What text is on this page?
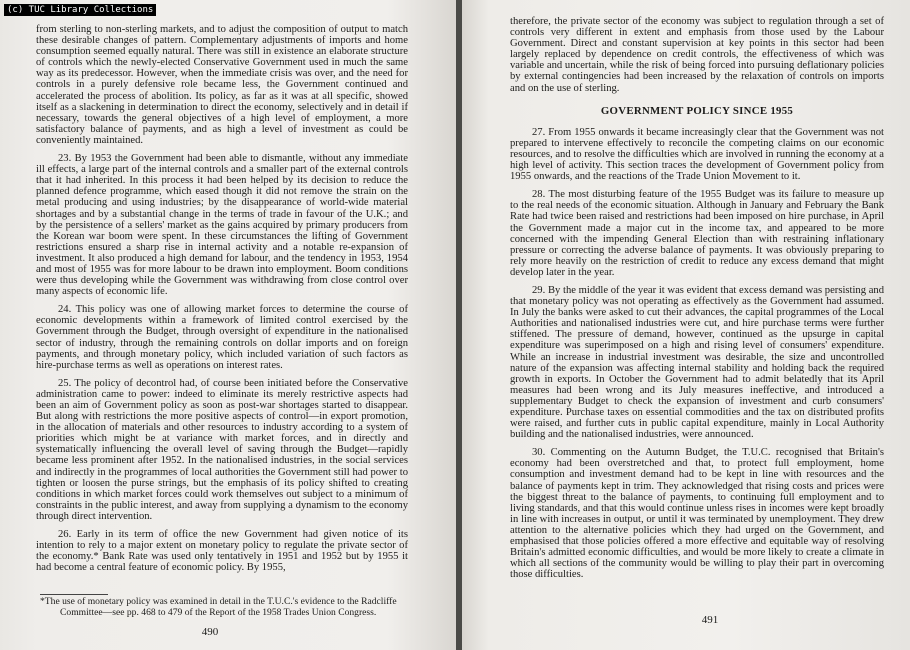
(c) TUC Library Collections

from sterling to non-sterling markets, and to adjust the composition of output to match these desirable changes of pattern. Complementary adjustments of imports and home consumption seemed equally natural. There was still in existence an elaborate structure of controls which the newly-elected Conservative Government used in much the same way as its predecessor. However, when the immediate crisis was over, and the need for controls in a purely defensive role became less, the Government continued and accelerated the process of abolition. Its policy, as far as it was at all specific, showed itself as a slackening in determination to direct the economy, selectively and in detail if necessary, towards the general objectives of a high level of employment, a more satisfactory balance of payments, and as high a level of investment as could be conveniently maintained.

23. By 1953 the Government had been able to dismantle, without any immediate ill effects, a large part of the internal controls and a smaller part of the external controls that it had inherited. In this process it had been helped by its decision to reduce the planned defence programme, which eased though it did not remove the strain on the metal producing and using industries; by the disappearance of world-wide material shortages and by a substantial change in the terms of trade in favour of the U.K.; and by the persistence of a sellers' market as the gains acquired by primary producers from the Korean war boom were spent. In these circumstances the lifting of Government restrictions ensured a sharp rise in internal activity and a notable re-expansion of investment. It also produced a high demand for labour, and the tendency in 1953, 1954 and most of 1955 was for more labour to be drawn into employment. Boom conditions were thus developing while the Government was withdrawing from close control over many aspects of economic life.

24. This policy was one of allowing market forces to determine the course of economic developments within a framework of limited control exercised by the Government through the Budget, through oversight of expenditure in the nationalised sector of industry, through the remaining controls on dollar imports and on foreign payments, and through monetary policy, which included variation of such factors as hire-purchase terms as well as operations on interest rates.

25. The policy of decontrol had, of course been initiated before the Conservative administration came to power: indeed to eliminate its merely restrictive aspects had been an aim of Government policy as soon as post-war shortages started to disappear. But along with restrictions the more positive aspects of control—in export promotion, in the allocation of materials and other resources to industry according to a system of priorities which might be at variance with market forces, and in directly and systematically influencing the overall level of saving through the Budget—rapidly became less prominent after 1952. In the nationalised industries, in the social services and indirectly in the programmes of local authorities the Government still had power to tighten or loosen the purse strings, but the emphasis of its policy shifted to creating conditions in which market forces could work themselves out subject to a minimum of constraints in the public interest, and away from supplying a dynamism to the economy through direct intervention.

26. Early in its term of office the new Government had given notice of its intention to rely to a major extent on monetary policy to regulate the private sector of the economy.* Bank Rate was used only tentatively in 1951 and 1952 but by 1955 it had become a central feature of economic policy. By 1955,

*The use of monetary policy was examined in detail in the T.U.C.'s evidence to the Radcliffe
Committee—see pp. 468 to 479 of the Report of the 1958 Trades Union Congress.
490

therefore, the private sector of the economy was subject to regulation through a set of controls very different in extent and emphasis from those used by the Labour Government. Direct and constant supervision at key points in this sector had been largely replaced by dependence on credit controls, the effectiveness of which was variable and uncertain, while the risk of being forced into pursuing deflationary policies by external contingencies had been increased by the relaxation of controls on imports and on the use of sterling.

GOVERNMENT POLICY SINCE 1955

27. From 1955 onwards it became increasingly clear that the Government was not prepared to intervene effectively to reconcile the competing claims on our economic resources, and to resolve the difficulties which are involved in running the economy at a high level of activity. This section traces the development of Government policy from 1955 onwards, and the reactions of the Trade Union Movement to it.

28. The most disturbing feature of the 1955 Budget was its failure to measure up to the real needs of the economic situation. Although in January and February the Bank Rate had twice been raised and restrictions had been imposed on hire purchase, in April the Government made a major cut in the income tax, and appeared to be more concerned with the impending General Election than with restraining inflationary pressure or correcting the adverse balance of payments. It was obviously preparing to rely more heavily on the restriction of credit to reduce any excess demand that might develop later in the year.

29. By the middle of the year it was evident that excess demand was persisting and that monetary policy was not operating as effectively as the Government had assumed. In July the banks were asked to cut their advances, the capital programmes of the Local Authorities and nationalised industries were cut, and hire purchase terms were further stiffened. The pressure of demand, however, continued as the upsurge in capital expenditure was superimposed on a high and rising level of consumers' expenditure. While an increase in industrial investment was desirable, the size and uncontrolled nature of the expansion was affecting internal stability and holding back the required growth in exports. In October the Government had to admit belatedly that its April measures had been wrong and its July measures ineffective, and introduced a supplementary Budget to check the expansion of investment and curb consumers' expenditure. Purchase taxes on essential commodities and the tax on distributed profits were raised, and further cuts in public capital expenditure, mainly in Local Authority building and the nationalised industries, were announced.

30. Commenting on the Autumn Budget, the T.U.C. recognised that Britain's economy had been overstretched and that, to protect full employment, home consumption and investment demand had to be kept in line with resources and the balance of payments kept in trim. They acknowledged that rising costs and prices were the biggest threat to the balance of payments, to continuing full employment and to living standards, and that this would continue unless rises in incomes were kept broadly in line with increases in output, or until it was terminated by unemployment. They drew attention to the alternative policies which they had urged on the Government, and emphasised that those policies offered a more effective and equitable way of resolving Britain's admitted economic difficulties, and would be more likely to create a climate in which all sections of the community would be willing to play their part in overcoming those difficulties.

491
